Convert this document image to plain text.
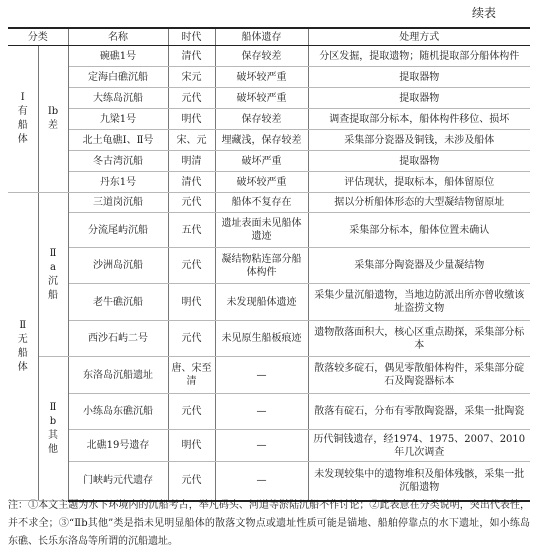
续表
分类		名称	时代	船体遗存	处理方式
Ⅰ有船体	Ⅰb差	碗礁1号	清代	保存较差	分区发掘，提取遗物；随机提取部分船体构件
		定海白礁沉船	宋元	破坏较严重	提取器物
		大练岛沉船	元代	破坏较严重	提取器物
		九梁1号	明代	保存较差	调查提取部分标本，船体构件移位、损坏
		北土龟礁Ⅰ、Ⅱ号	宋、元	埋藏浅，保存较差	采集部分瓷器及铜钱，未涉及船体
		冬古湾沉船	明清	破坏严重	提取器物
		丹东1号	清代	破坏较严重	评估现状，提取标本，船体留原位
Ⅱ无船体	Ⅱa沉船	三道岗沉船	元代	船体不复存在	据以分析船体形态的大型凝结物留原址
		分流尾屿沉船	五代	遗址表面未见船体遗迹	采集部分标本，船体位置未确认
		沙洲岛沉船	元代	凝结物粘连部分船体构件	采集部分陶瓷器及少量凝结物
		老牛礁沉船	明代	未发现船体遗迹	采集少量沉船遗物，当地边防派出所亦曾收缴该址盗捞文物
		西沙石屿二号	元代	未见原生船板痕迹	遗物散落面积大，核心区重点勘探，采集部分标本
	Ⅱb其他	东洛岛沉船遗址	唐、宋至清	—	散落较多碇石，偶见零散船体构件，采集部分碇石及陶瓷器标本
		小练岛东礁沉船	元代	—	散落有碇石，分布有零散陶瓷器，采集一批陶瓷
		北礁19号遗存	明代	—	历代铜钱遗存，经1974、1975、2007、2010年几次调查
		门峡屿元代遗存	元代	—	未发现较集中的遗物堆积及船体残骸，采集一批沉船遗物
注：①本文主题为水下环境内的沉船考古，举凡码头、河道等淤陆沉船不作讨论；②此表意在分类说明，突出代表性，并不求全；③“Ⅱb其他”类是指未见明显船体的散落文物点或遗址性质可能是锚地、船舶停靠点的水下遗址，如小练岛东礁、长乐东洛岛等所谓的沉船遗址。
